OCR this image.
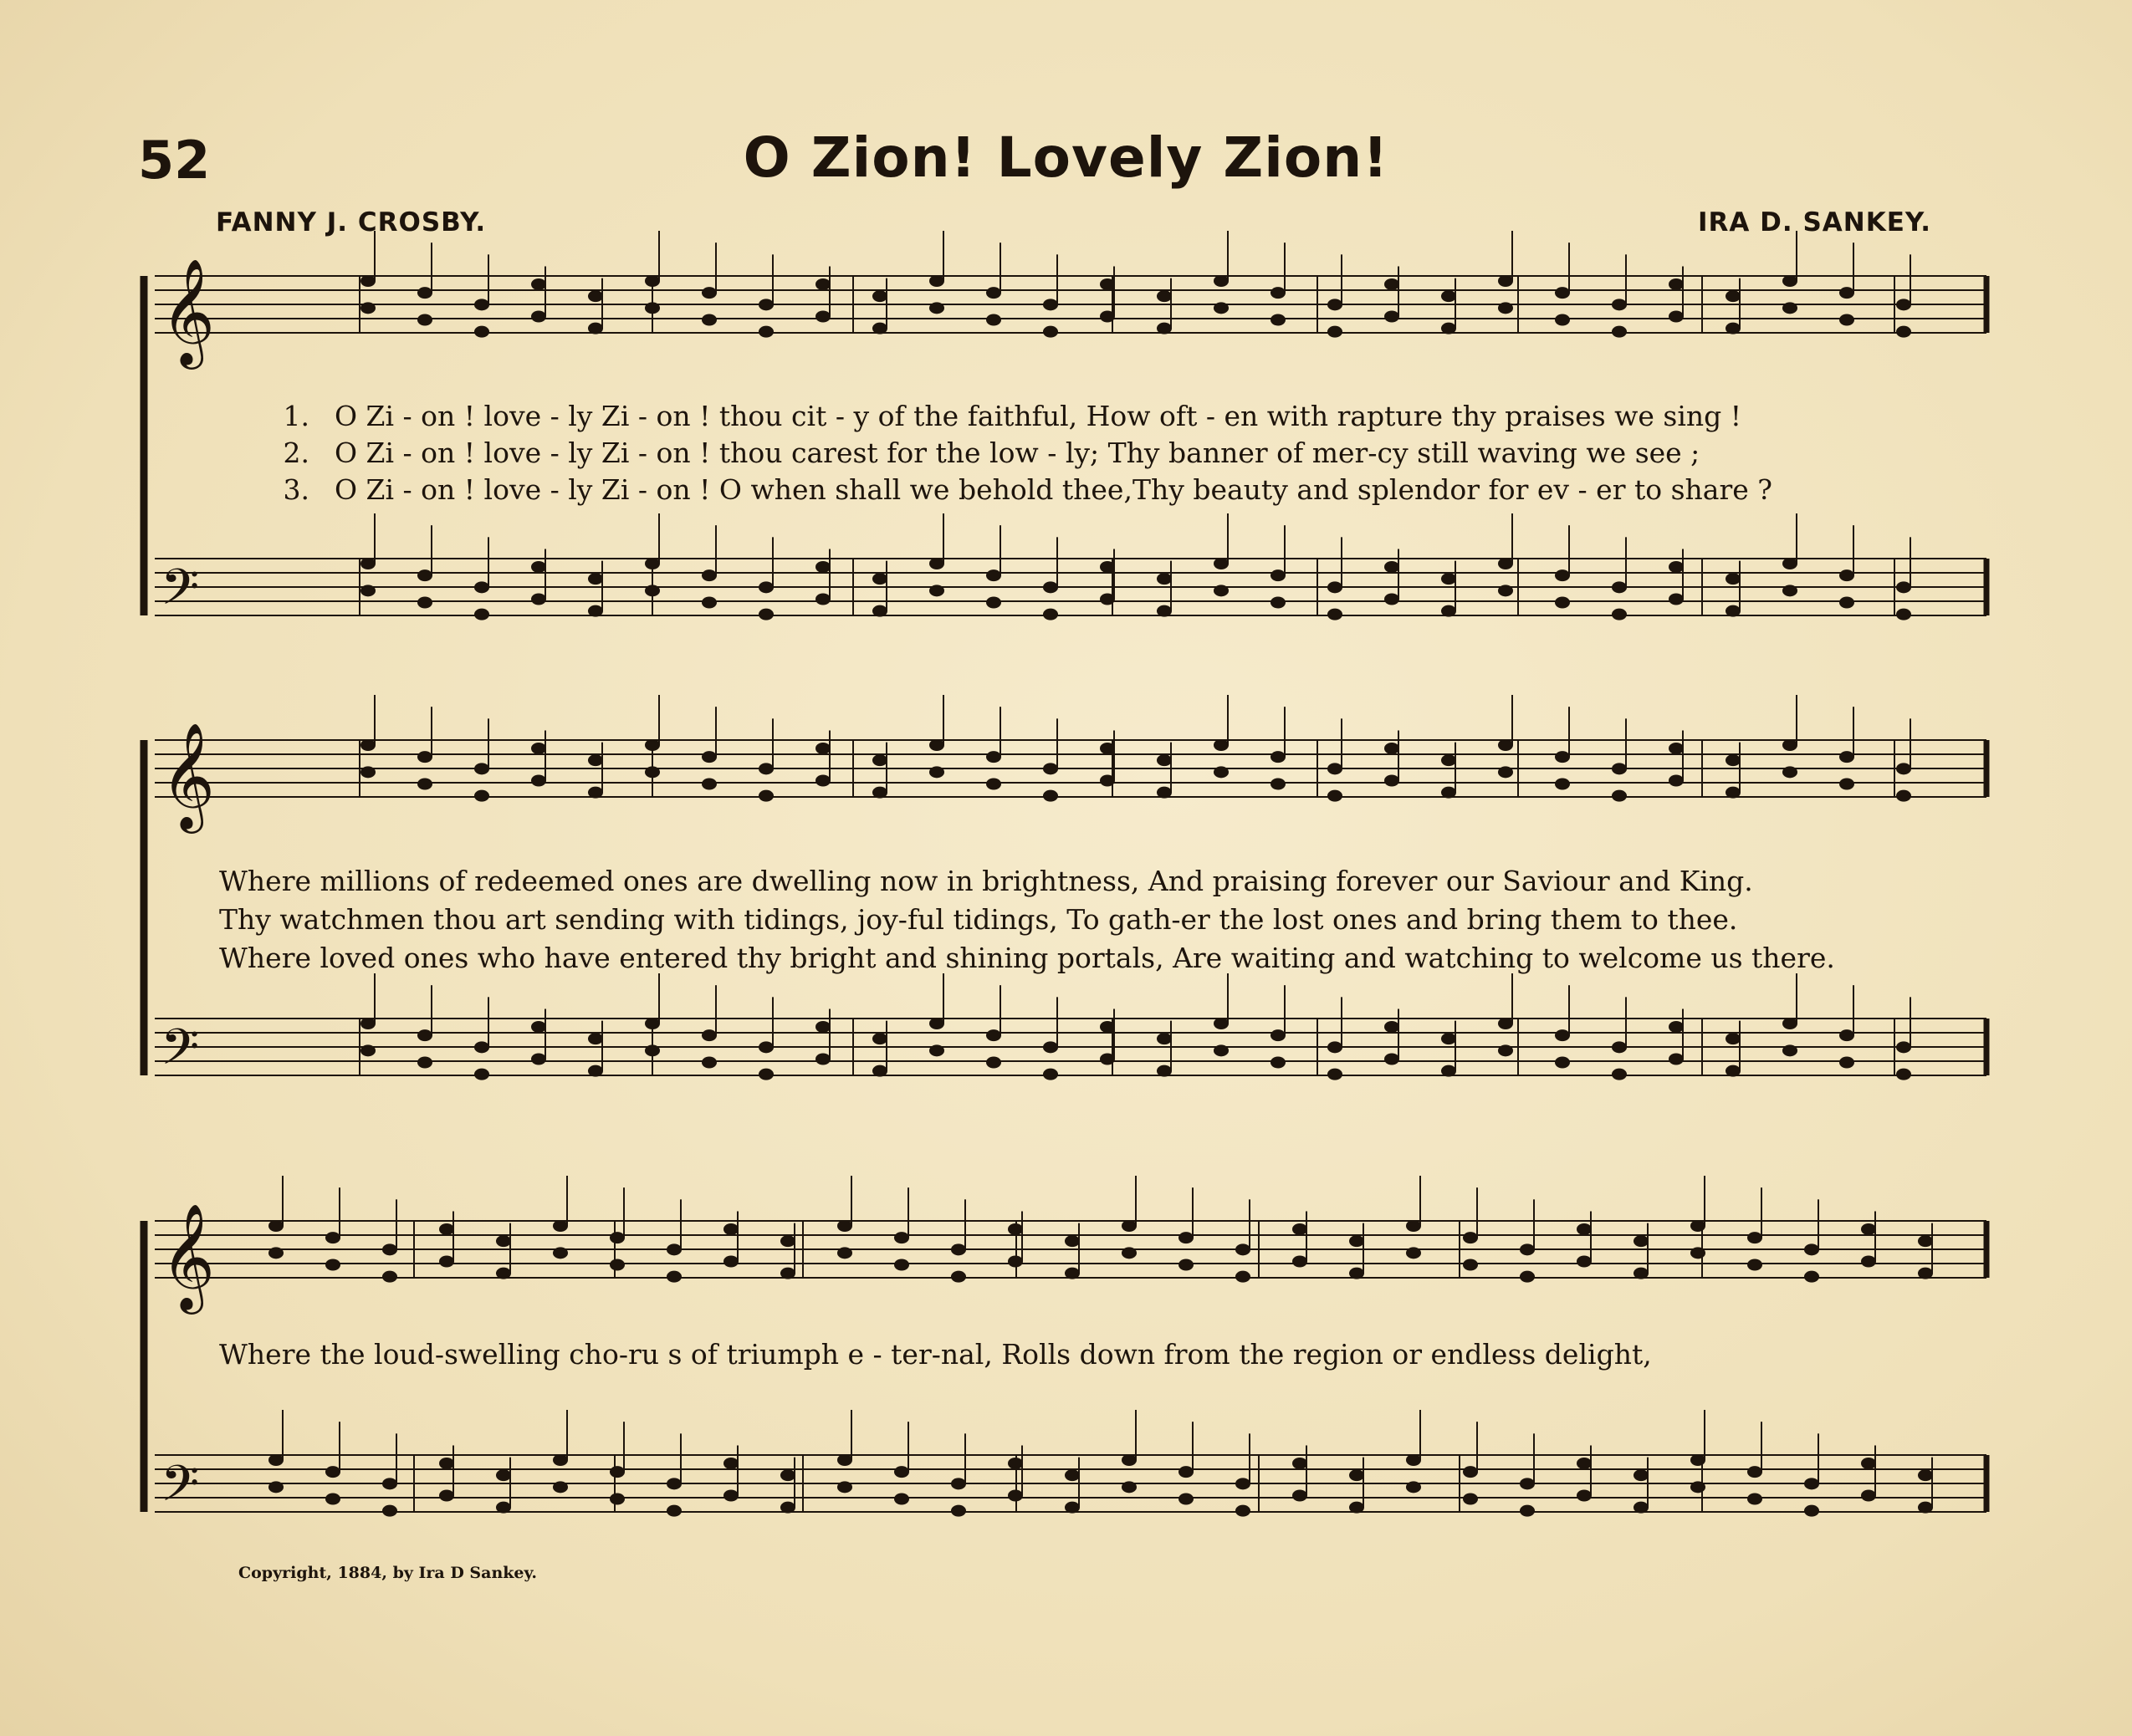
52	O Zion! Lovely Zion!
FANNY J. CROSBY.	IRA D. SANKEY.
𝄞
𝄢
𝄞
𝄢
𝄞
𝄢
1. O Zi - on ! love - ly Zi - on ! thou cit - y of the faithful, How oft - en with rapture thy praises we sing !
2. O Zi - on ! love - ly Zi - on ! thou carest for the low - ly; Thy banner of mer-cy still waving we see ;
3. O Zi - on ! love - ly Zi - on ! O when shall we behold thee,Thy beauty and splendor for ev - er to share ?
Where millions of redeemed ones are dwelling now in brightness, And praising forever our Saviour and King.
Thy watchmen thou art sending with tidings, joy-ful tidings, To gath-er the lost ones and bring them to thee.
Where loved ones who have entered thy bright and shining portals, Are waiting and watching to welcome us there.
Where the loud-swelling cho-ru s of triumph e - ter-nal, Rolls down from the region or endless delight,
Copyright, 1884, by Ira D Sankey.
